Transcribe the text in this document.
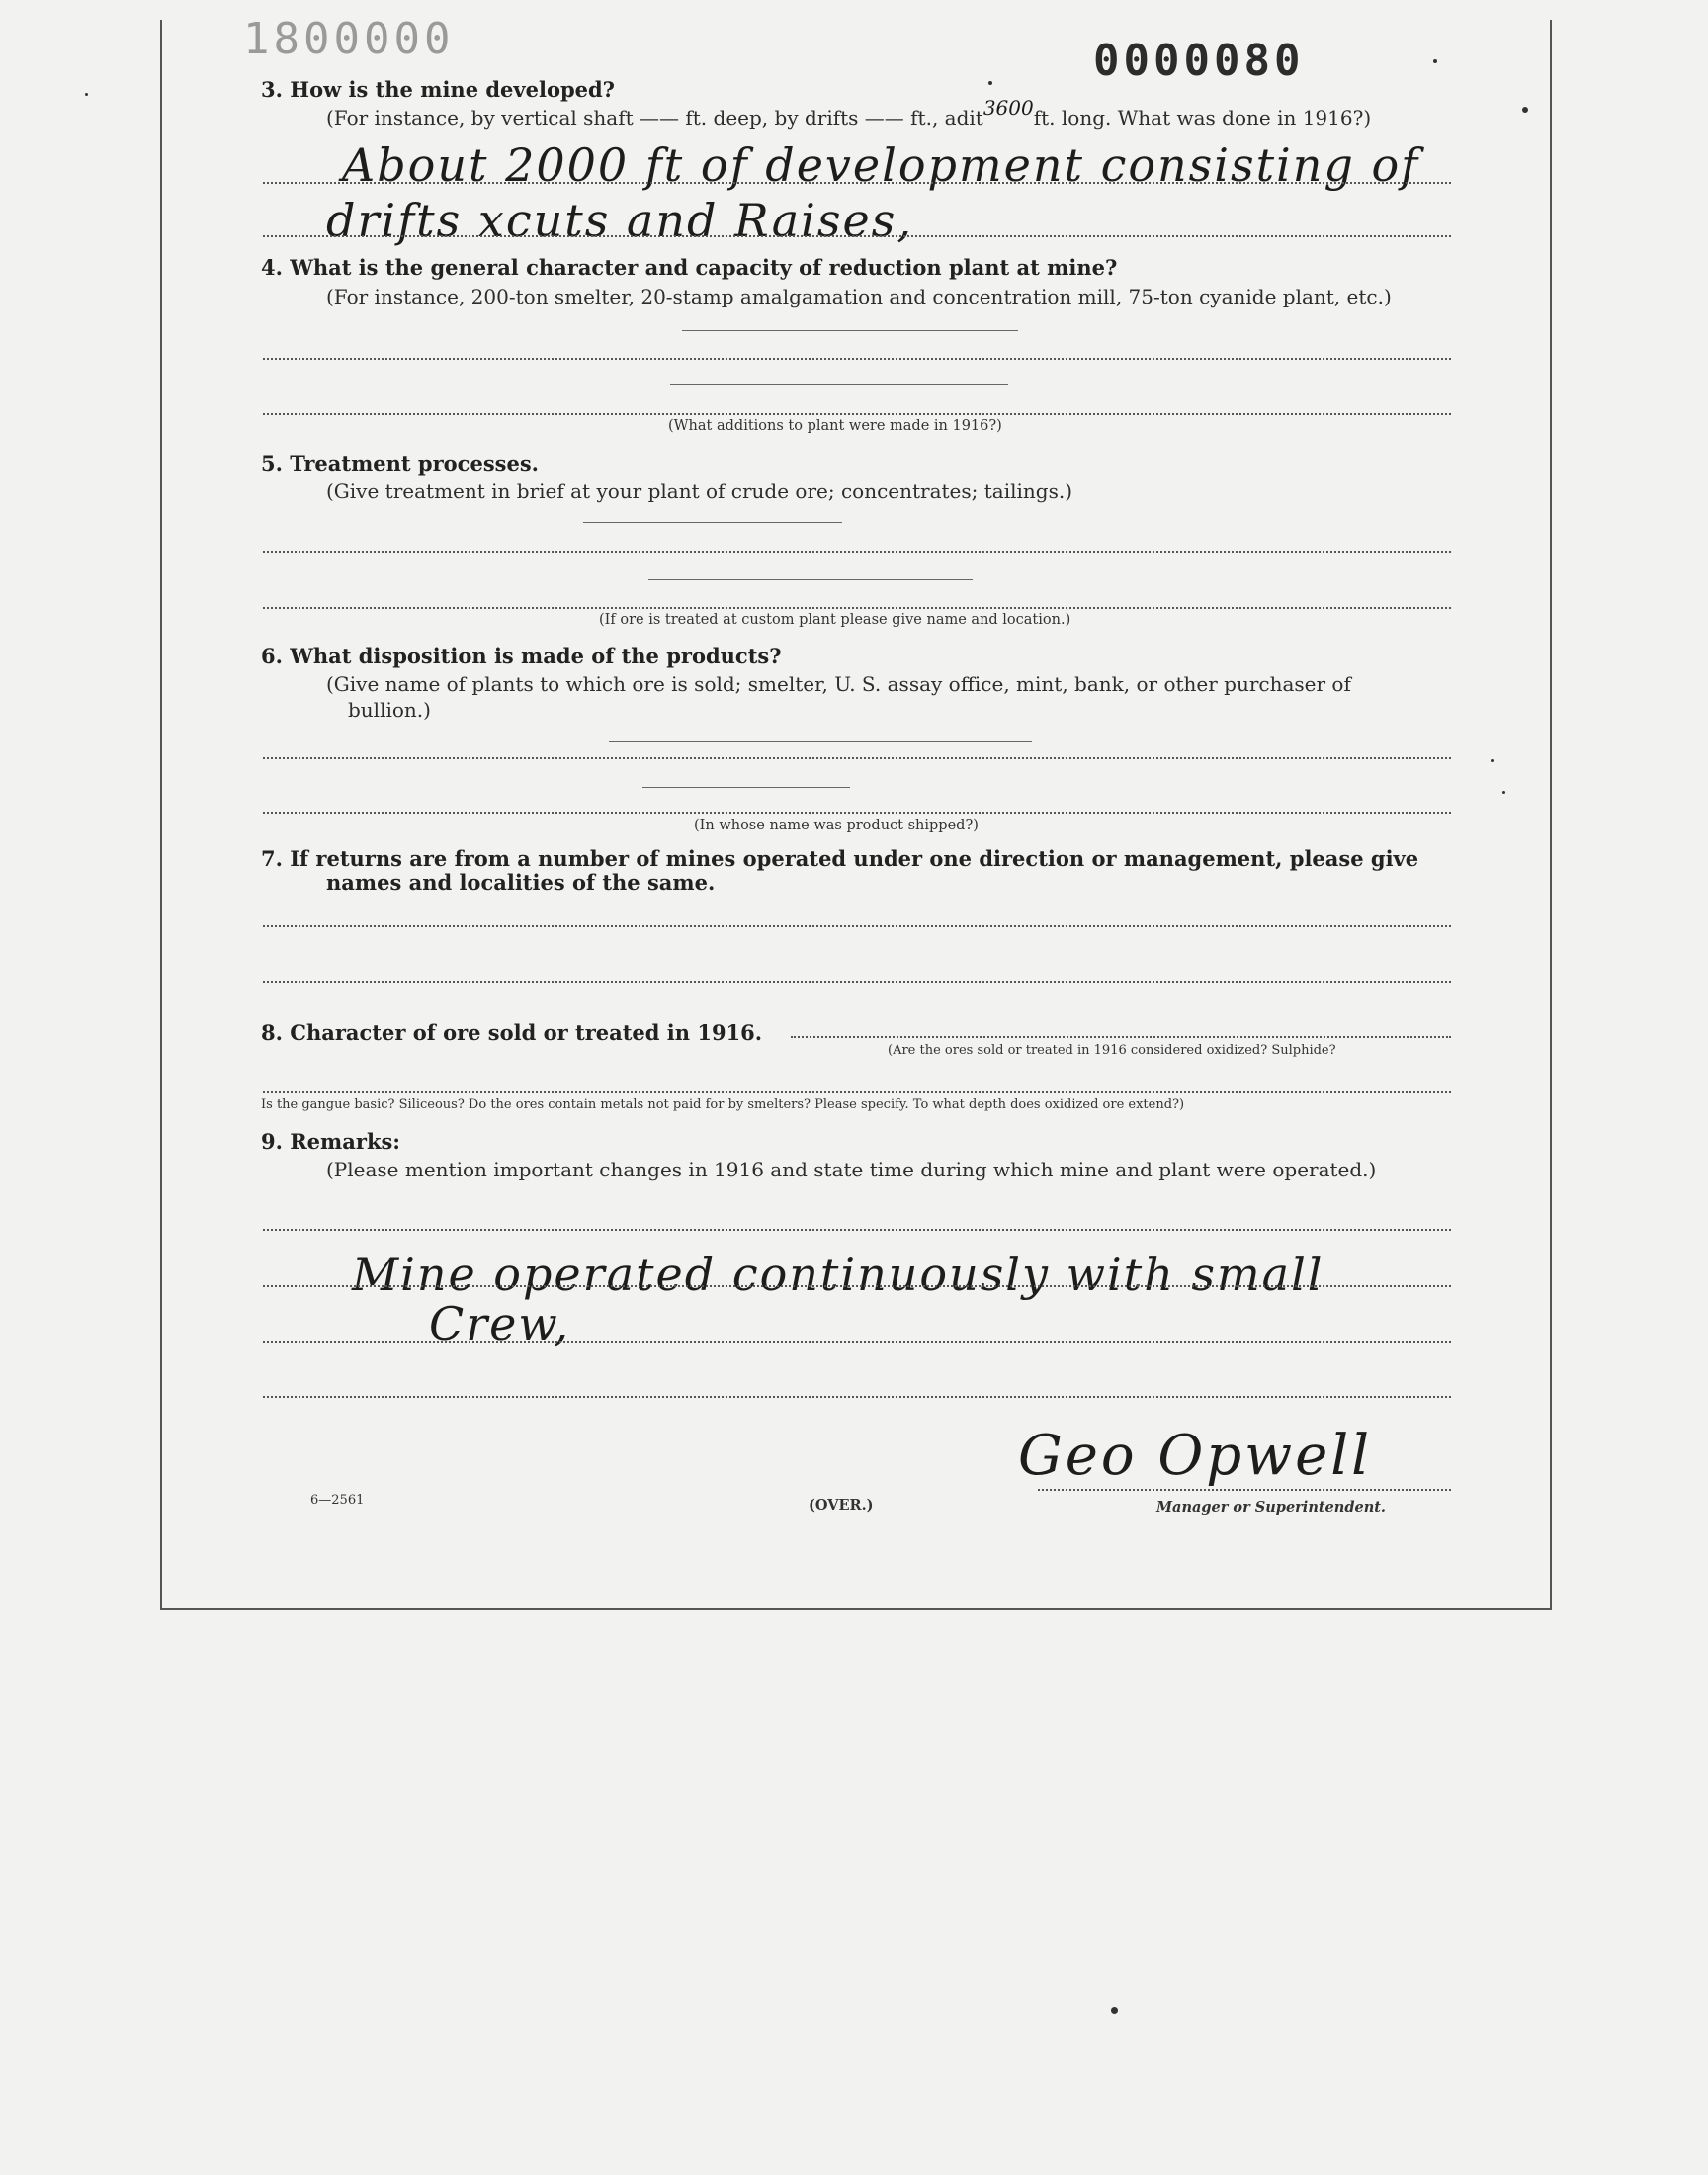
1800000	0000080
3. How is the mine developed?
(For instance, by vertical shaft —— ft. deep, by drifts —— ft., adit3600ft. long. What was done in 1916?)
About 2000 ft of development consisting of
drifts xcuts and Raises,
4. What is the general character and capacity of reduction plant at mine?
(For instance, 200-ton smelter, 20-stamp amalgamation and concentration mill, 75-ton cyanide plant, etc.)
(What additions to plant were made in 1916?)
5. Treatment processes.
(Give treatment in brief at your plant of crude ore; concentrates; tailings.)
(If ore is treated at custom plant please give name and location.)
6. What disposition is made of the products?
(Give name of plants to which ore is sold; smelter, U. S. assay office, mint, bank, or other purchaser of
bullion.)
(In whose name was product shipped?)
7. If returns are from a number of mines operated under one direction or management, please give
names and localities of the same.
8. Character of ore sold or treated in 1916.
(Are the ores sold or treated in 1916 considered oxidized? Sulphide?
Is the gangue basic? Siliceous? Do the ores contain metals not paid for by smelters? Please specify. To what depth does oxidized ore extend?)
9. Remarks:
(Please mention important changes in 1916 and state time during which mine and plant were operated.)
Mine operated continuously with small
Crew,
Geo Opwell
6—2561	(OVER.)	Manager or Superintendent.
